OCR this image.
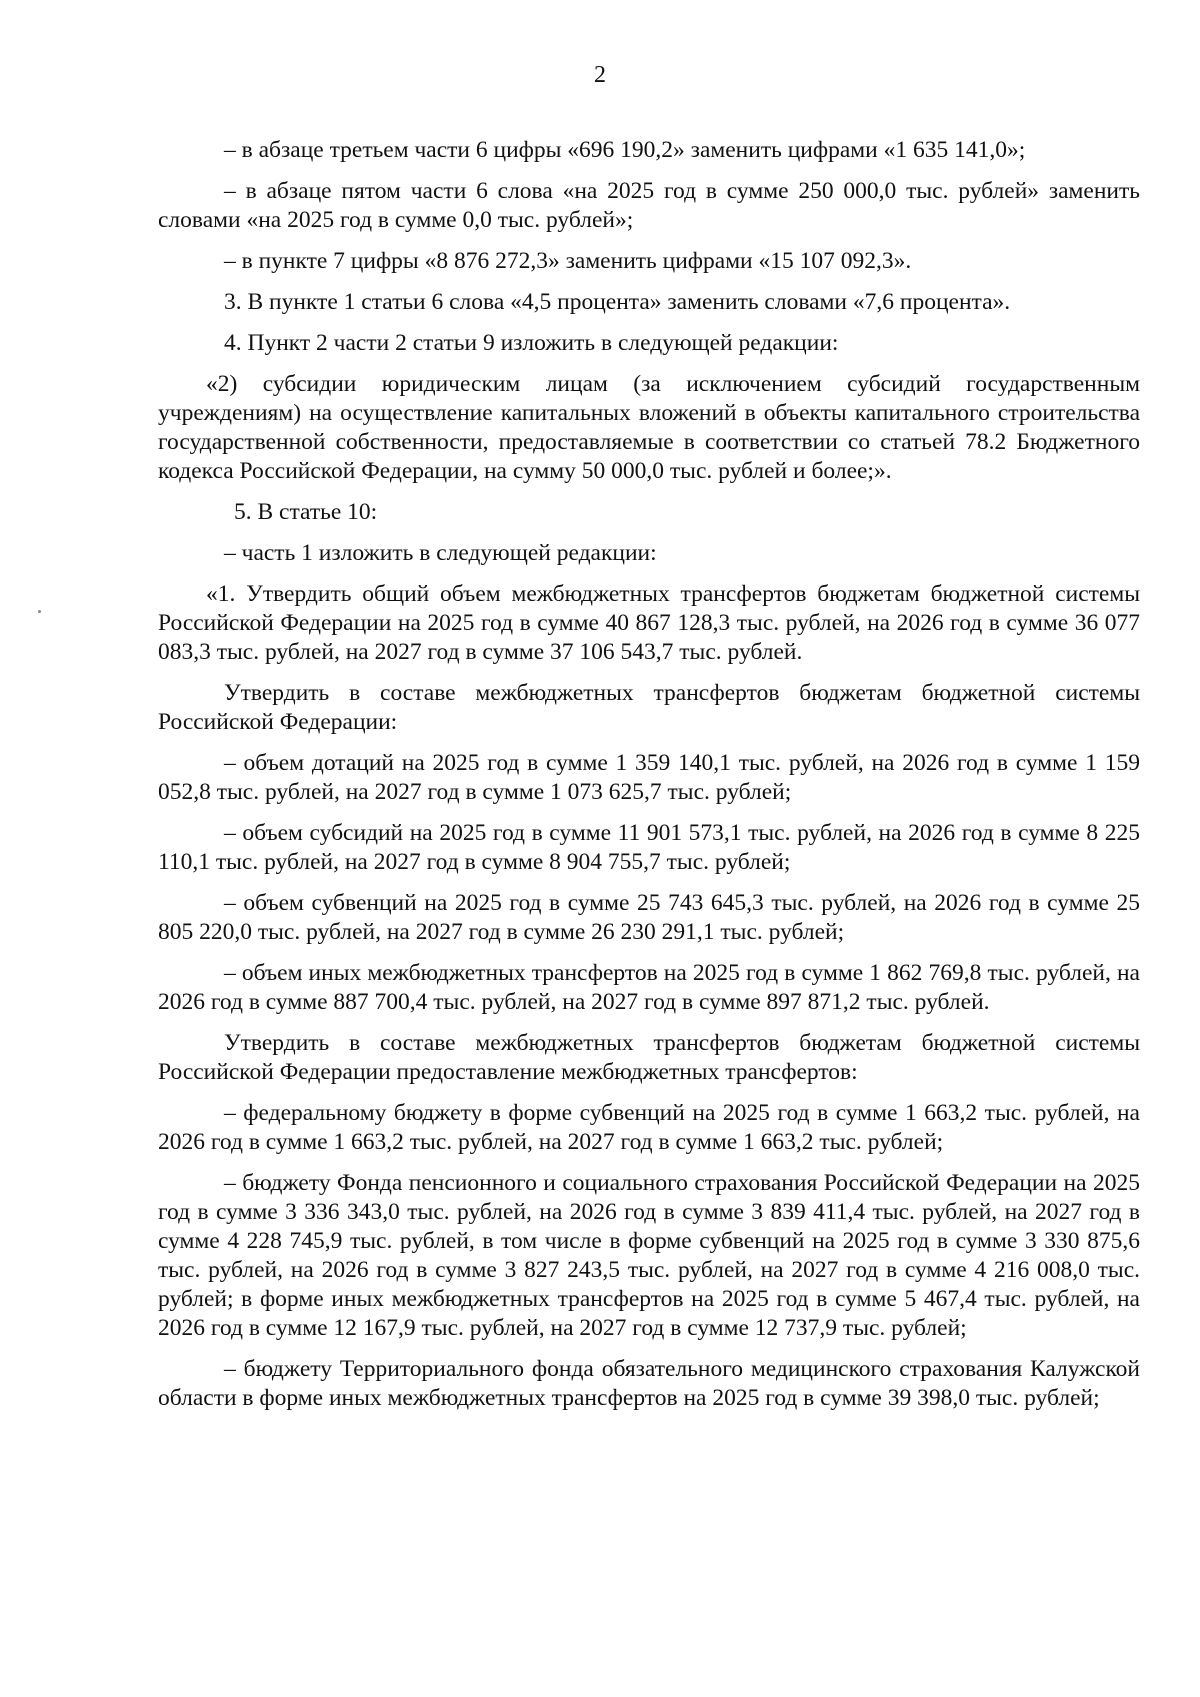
2

– в абзаце третьем части 6 цифры «696 190,2» заменить цифрами «1 635 141,0»;

– в абзаце пятом части 6 слова «на 2025 год в сумме 250 000,0 тыс. рублей» заменить словами «на 2025 год в сумме 0,0 тыс. рублей»;

– в пункте 7 цифры «8 876 272,3» заменить цифрами «15 107 092,3».

3. В пункте 1 статьи 6 слова «4,5 процента» заменить словами «7,6 процента».

4. Пункт 2 части 2 статьи 9 изложить в следующей редакции:

«2) субсидии юридическим лицам (за исключением субсидий государственным учреждениям) на осуществление капитальных вложений в объекты капитального строительства государственной собственности, предоставляемые в соответствии со статьей 78.2 Бюджетного кодекса Российской Федерации, на сумму 50 000,0 тыс. рублей и более;».

5. В статье 10:

– часть 1 изложить в следующей редакции:

«1. Утвердить общий объем межбюджетных трансфертов бюджетам бюджетной системы Российской Федерации на 2025 год в сумме 40 867 128,3 тыс. рублей, на 2026 год в сумме 36 077 083,3 тыс. рублей, на 2027 год в сумме 37 106 543,7 тыс. рублей.

Утвердить в составе межбюджетных трансфертов бюджетам бюджетной системы Российской Федерации:

– объем дотаций на 2025 год в сумме 1 359 140,1 тыс. рублей, на 2026 год в сумме 1 159 052,8 тыс. рублей, на 2027 год в сумме 1 073 625,7 тыс. рублей;

– объем субсидий на 2025 год в сумме 11 901 573,1 тыс. рублей, на 2026 год в сумме 8 225 110,1 тыс. рублей, на 2027 год в сумме 8 904 755,7 тыс. рублей;

– объем субвенций на 2025 год в сумме 25 743 645,3 тыс. рублей, на 2026 год в сумме 25 805 220,0 тыс. рублей, на 2027 год в сумме 26 230 291,1 тыс. рублей;

– объем иных межбюджетных трансфертов на 2025 год в сумме 1 862 769,8 тыс. рублей, на 2026 год в сумме 887 700,4 тыс. рублей, на 2027 год в сумме 897 871,2 тыс. рублей.

Утвердить в составе межбюджетных трансфертов бюджетам бюджетной системы Российской Федерации предоставление межбюджетных трансфертов:

– федеральному бюджету в форме субвенций на 2025 год в сумме 1 663,2 тыс. рублей, на 2026 год в сумме 1 663,2 тыс. рублей, на 2027 год в сумме 1 663,2 тыс. рублей;

– бюджету Фонда пенсионного и социального страхования Российской Федерации на 2025 год в сумме 3 336 343,0 тыс. рублей, на 2026 год в сумме 3 839 411,4 тыс. рублей, на 2027 год в сумме 4 228 745,9 тыс. рублей, в том числе в форме субвенций на 2025 год в сумме 3 330 875,6 тыс. рублей, на 2026 год в сумме 3 827 243,5 тыс. рублей, на 2027 год в сумме 4 216 008,0 тыс. рублей; в форме иных межбюджетных трансфертов на 2025 год в сумме 5 467,4 тыс. рублей, на 2026 год в сумме 12 167,9 тыс. рублей, на 2027 год в сумме 12 737,9 тыс. рублей;

– бюджету Территориального фонда обязательного медицинского страхования Калужской области в форме иных межбюджетных трансфертов на 2025 год в сумме 39 398,0 тыс. рублей;
